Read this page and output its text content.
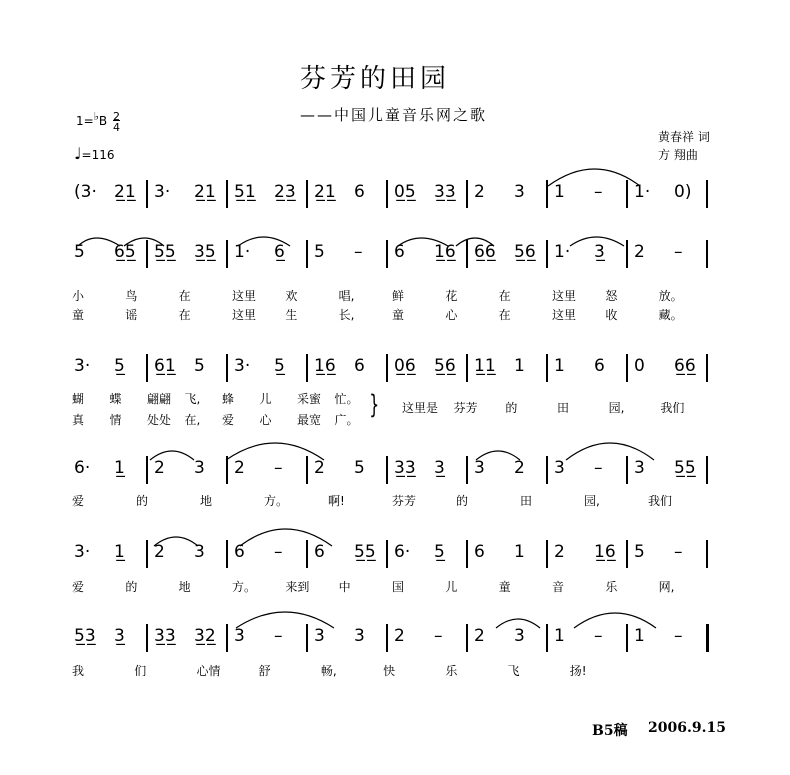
芬芳的田园
——中国儿童音乐网之歌
黄春祥 词
方 翔曲
$1=^♭B \frac{2}{4}$
♩=116
(3· 2̲1̲ 3· 2̲1̲ 5̲1̲ 2̲3̲ 2̲1̲ 6 0̲5̲ 3̲3̲ 2 3 1 – 1· 0)
5 6̲5̲ 5̲5̲ 3̲5̲ 1· 6̲ 5 – 6 1̲6̲ 6̲6̲ 5̲6̲ 1· 3̲ 2 –
3· 5̲ 6̲1̲ 5 3· 5̲ 1̲6̲ 6 0̲6̲ 5̲6̲ 1̲1̲ 1 1 6 0 6̲6̲
6· 1̲ 2 3 2 – 2 5 3̲3̲ 3̲ 3 2 3 – 3 5̲5̲
3· 1̲ 2 3 6 – 6 5̲5̲ 6· 5̲ 6 1 2 1̲6̲ 5 –
5̲3̲ 3̲ 3̲3̲ 3̲2̲ 3 – 3 3 2 – 2 3 1 – 1 –
小	鸟	在	这里 欢	唱,	鲜	花	在	这里 怒	放。
童	谣	在	这里 生	长,	童	心	在	这里 收	藏。
蝴 蝶 翩翩 飞, 蜂 儿 采蜜 忙。
真 情 处处 在, 爱 心 最宽 广。 } 这里是 芬芳 的	田	园,	我们
爱	的	地	方。	啊!	芬芳	的	田	园,	我们
爱	的	地	方。 来到 中	国	儿	童	音	乐	网,
我	们	心情	舒	畅,	快	乐	飞	扬!
B5稿 2006.9.15
